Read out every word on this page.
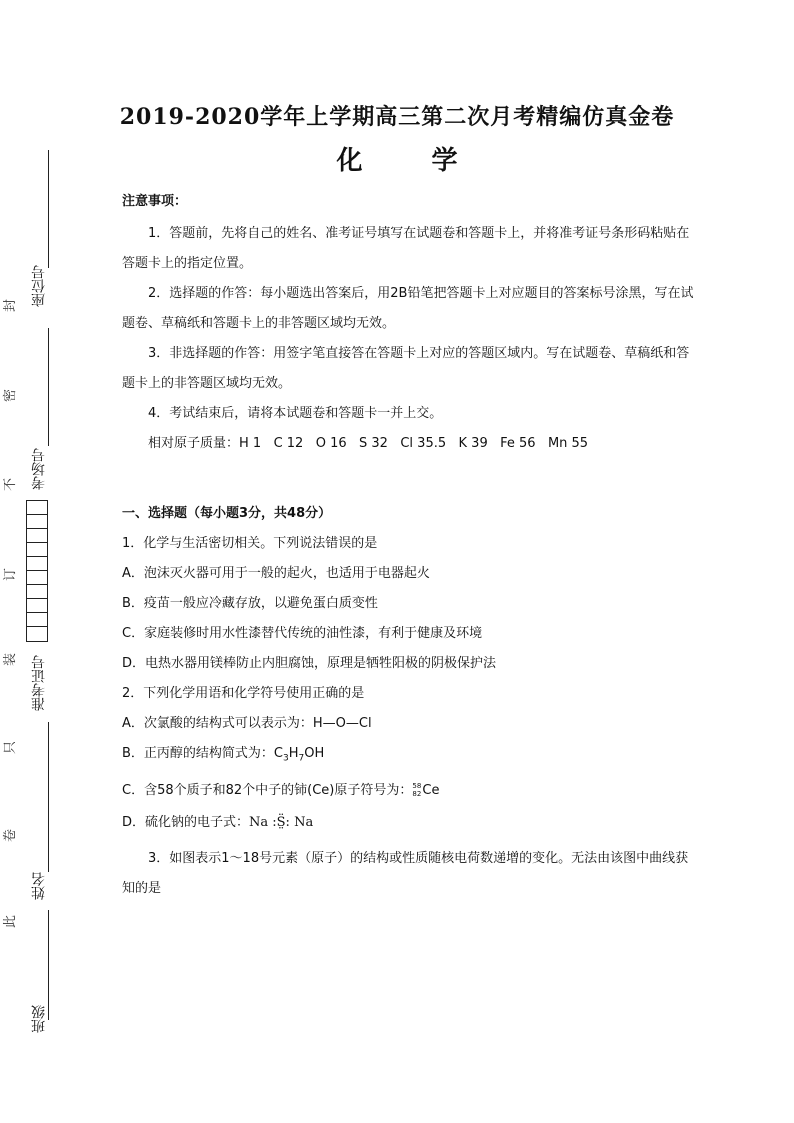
座位号
考场号
准考证号
姓名
班级
封
密
不
订
装
只
卷
此
2019-2020学年上学期高三第二次月考精编仿真金卷
化 学
注意事项：

1．答题前，先将自己的姓名、准考证号填写在试题卷和答题卡上，并将准考证号条形码粘贴在答题卡上的指定位置。

2．选择题的作答：每小题选出答案后，用2B铅笔把答题卡上对应题目的答案标号涂黑，写在试题卷、草稿纸和答题卡上的非答题区域均无效。

3．非选择题的作答：用签字笔直接答在答题卡上对应的答题区域内。写在试题卷、草稿纸和答题卡上的非答题区域均无效。

4．考试结束后，请将本试题卷和答题卡一并上交。

相对原子质量：H 1   C 12   O 16   S 32   Cl 35.5   K 39   Fe 56   Mn 55

一、选择题（每小题3分，共48分）

1．化学与生活密切相关。下列说法错误的是

A．泡沫灭火器可用于一般的起火，也适用于电器起火

B．疫苗一般应冷藏存放，以避免蛋白质变性

C．家庭装修时用水性漆替代传统的油性漆，有利于健康及环境

D．电热水器用镁棒防止内胆腐蚀，原理是牺牲阳极的阴极保护法

2．下列化学用语和化学符号使用正确的是

A．次氯酸的结构式可以表示为：H—O—Cl

B．正丙醇的结构简式为：$C_3H_7OH$

C．含58个质子和82个中子的铈(Ce)原子符号为： 82
58 Ce

D．硫化钠的电子式：Na :S̤̈: Na

3．如图表示1～18号元素（原子）的结构或性质随核电荷数递增的变化。无法由该图中曲线获知的是
